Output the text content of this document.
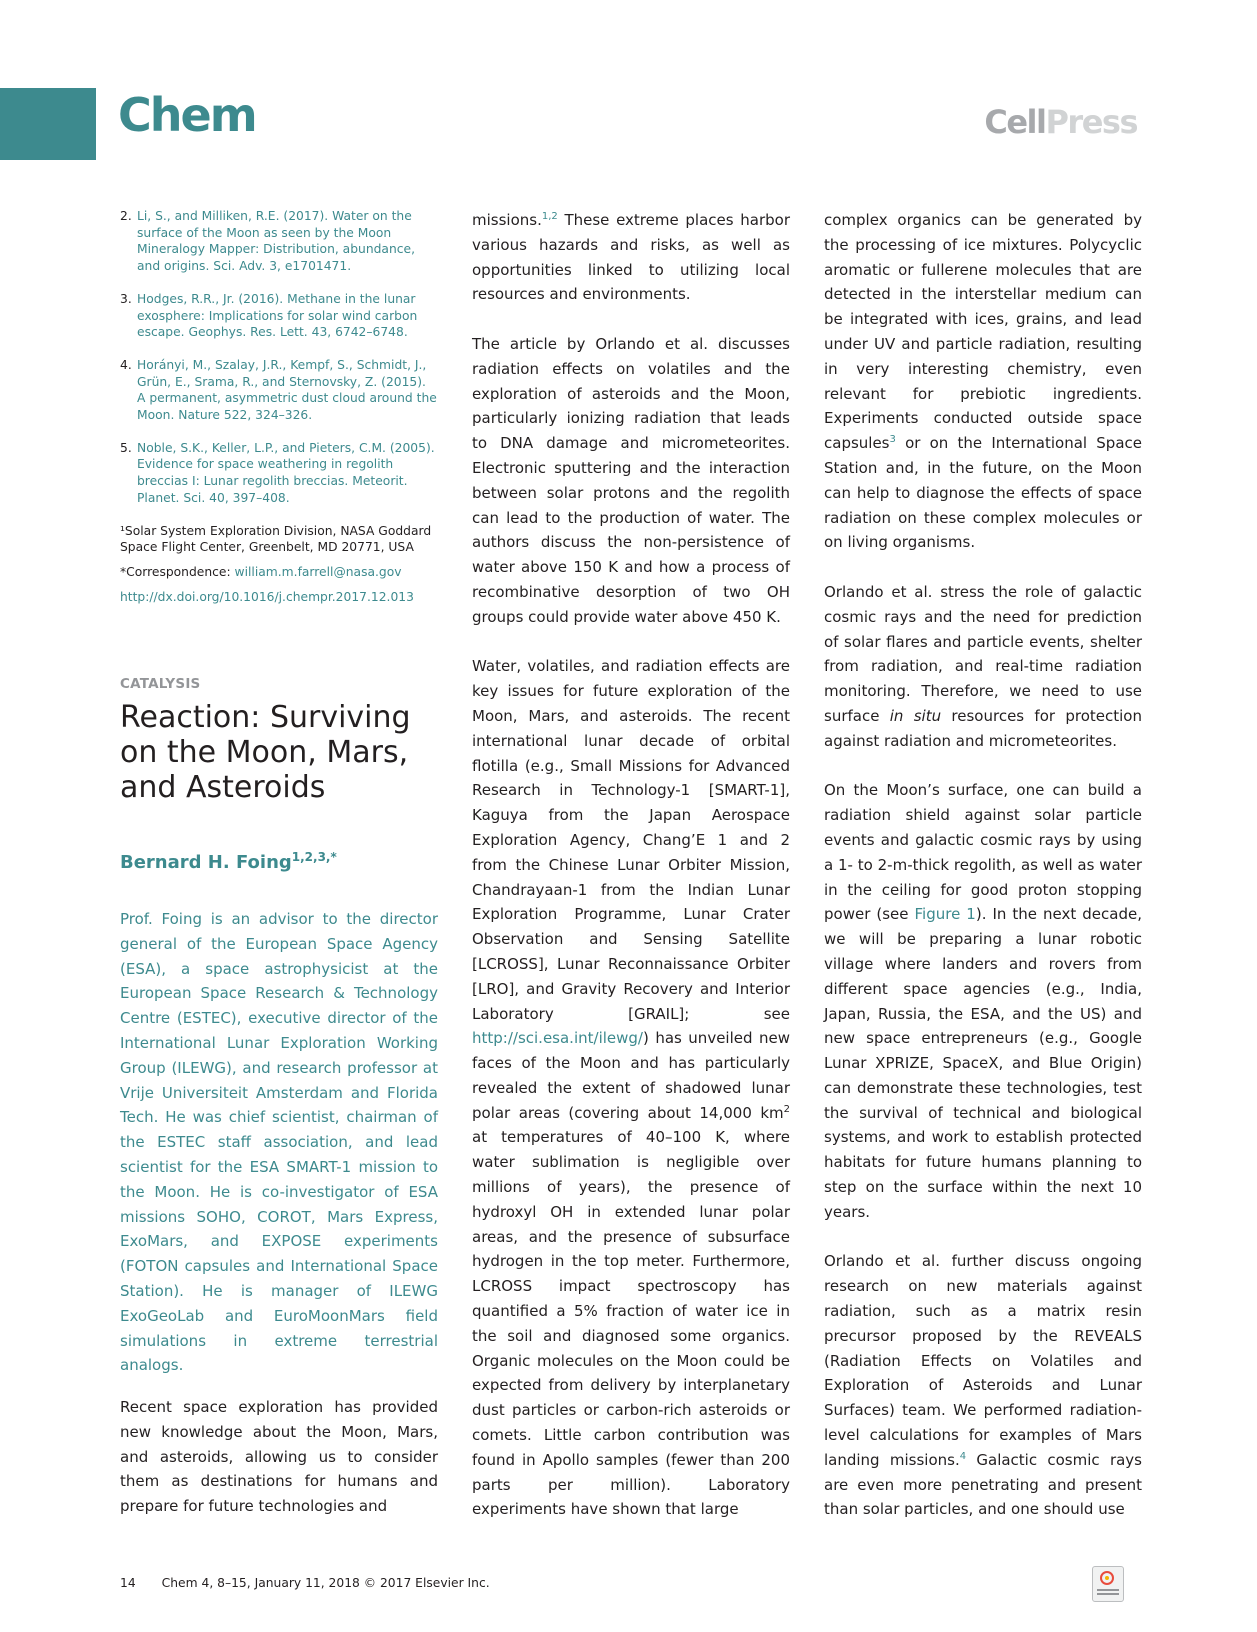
Chem	CellPress
2. Li, S., and Milliken, R.E. (2017). Water on the surface of the Moon as seen by the Moon Mineralogy Mapper: Distribution, abundance, and origins. Sci. Adv. 3, e1701471.
3. Hodges, R.R., Jr. (2016). Methane in the lunar exosphere: Implications for solar wind carbon escape. Geophys. Res. Lett. 43, 6742–6748.
4. Horányi, M., Szalay, J.R., Kempf, S., Schmidt, J., Grün, E., Srama, R., and Sternovsky, Z. (2015). A permanent, asymmetric dust cloud around the Moon. Nature 522, 324–326.
5. Noble, S.K., Keller, L.P., and Pieters, C.M. (2005). Evidence for space weathering in regolith breccias I: Lunar regolith breccias. Meteorit. Planet. Sci. 40, 397–408.

¹Solar System Exploration Division, NASA Goddard Space Flight Center, Greenbelt, MD 20771, USA

*Correspondence: william.m.farrell@nasa.gov

http://dx.doi.org/10.1016/j.chempr.2017.12.013

CATALYSIS
Reaction: Surviving on the Moon, Mars, and Asteroids
Bernard H. Foing$^{1,2,3,*}$

Prof. Foing is an advisor to the director general of the European Space Agency (ESA), a space astrophysicist at the European Space Research & Technology Centre (ESTEC), executive director of the International Lunar Exploration Working Group (ILEWG), and research professor at Vrije Universiteit Amsterdam and Florida Tech. He was chief scientist, chairman of the ESTEC staff association, and lead scientist for the ESA SMART-1 mission to the Moon. He is co-investigator of ESA missions SOHO, COROT, Mars Express, ExoMars, and EXPOSE experiments (FOTON capsules and International Space Station). He is manager of ILEWG ExoGeoLab and EuroMoonMars field simulations in extreme terrestrial analogs.

Recent space exploration has provided new knowledge about the Moon, Mars, and asteroids, allowing us to consider them as destinations for humans and prepare for future technologies and

missions.$^{1,2}$ These extreme places harbor various hazards and risks, as well as opportunities linked to utilizing local resources and environments.

The article by Orlando et al. discusses radiation effects on volatiles and the exploration of asteroids and the Moon, particularly ionizing radiation that leads to DNA damage and micrometeorites. Electronic sputtering and the interaction between solar protons and the regolith can lead to the production of water. The authors discuss the non-persistence of water above 150 K and how a process of recombinative desorption of two OH groups could provide water above 450 K.

Water, volatiles, and radiation effects are key issues for future exploration of the Moon, Mars, and asteroids. The recent international lunar decade of orbital flotilla (e.g., Small Missions for Advanced Research in Technology-1 [SMART-1], Kaguya from the Japan Aerospace Exploration Agency, Chang’E 1 and 2 from the Chinese Lunar Orbiter Mission, Chandrayaan-1 from the Indian Lunar Exploration Programme, Lunar Crater Observation and Sensing Satellite [LCROSS], Lunar Reconnaissance Orbiter [LRO], and Gravity Recovery and Interior Laboratory [GRAIL]; see http://sci.esa.int/ilewg/) has unveiled new faces of the Moon and has particularly revealed the extent of shadowed lunar polar areas (covering about 14,000 $km^2$ at temperatures of 40–100 K, where water sublimation is negligible over millions of years), the presence of hydroxyl OH in extended lunar polar areas, and the presence of subsurface hydrogen in the top meter. Furthermore, LCROSS impact spectroscopy has quantified a 5% fraction of water ice in the soil and diagnosed some organics. Organic molecules on the Moon could be expected from delivery by interplanetary dust particles or carbon-rich asteroids or comets. Little carbon contribution was found in Apollo samples (fewer than 200 parts per million). Laboratory experiments have shown that large

complex organics can be generated by the processing of ice mixtures. Polycyclic aromatic or fullerene molecules that are detected in the interstellar medium can be integrated with ices, grains, and lead under UV and particle radiation, resulting in very interesting chemistry, even relevant for prebiotic ingredients. Experiments conducted outside space capsules$^3$ or on the International Space Station and, in the future, on the Moon can help to diagnose the effects of space radiation on these complex molecules or on living organisms.

Orlando et al. stress the role of galactic cosmic rays and the need for prediction of solar flares and particle events, shelter from radiation, and real-time radiation monitoring. Therefore, we need to use surface in situ resources for protection against radiation and micrometeorites.

On the Moon’s surface, one can build a radiation shield against solar particle events and galactic cosmic rays by using a 1- to 2-m-thick regolith, as well as water in the ceiling for good proton stopping power (see Figure 1). In the next decade, we will be preparing a lunar robotic village where landers and rovers from different space agencies (e.g., India, Japan, Russia, the ESA, and the US) and new space entrepreneurs (e.g., Google Lunar XPRIZE, SpaceX, and Blue Origin) can demonstrate these technologies, test the survival of technical and biological systems, and work to establish protected habitats for future humans planning to step on the surface within the next 10 years.

Orlando et al. further discuss ongoing research on new materials against radiation, such as a matrix resin precursor proposed by the REVEALS (Radiation Effects on Volatiles and Exploration of Asteroids and Lunar Surfaces) team. We performed radiation-level calculations for examples of Mars landing missions.$^4$ Galactic cosmic rays are even more penetrating and present than solar particles, and one should use

14 Chem 4, 8–15, January 11, 2018 © 2017 Elsevier Inc.
